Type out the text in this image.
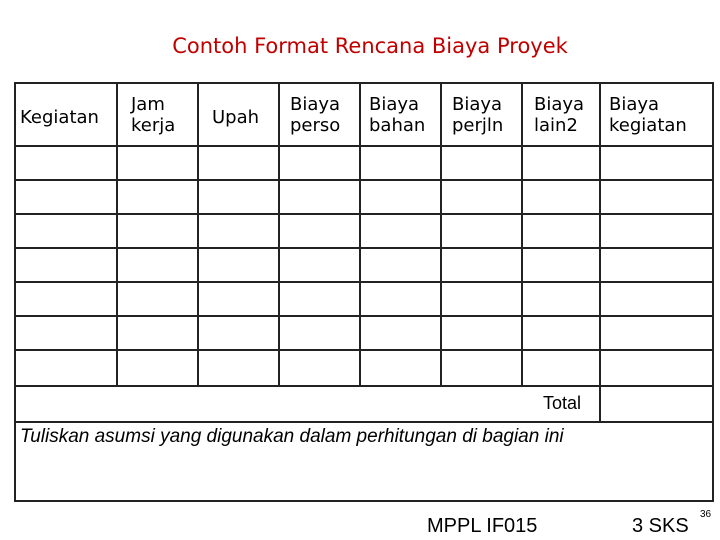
Contoh Format Rencana Biaya Proyek
Kegiatan
Jam
kerja Upah
Biaya
perso
Biaya
bahan
Biaya
perjln
Biaya
lain2
Biaya
kegiatan
Total
Tuliskan asumsi yang digunakan dalam perhitungan di bagian ini
MPPL IF015	3 SKS
36
